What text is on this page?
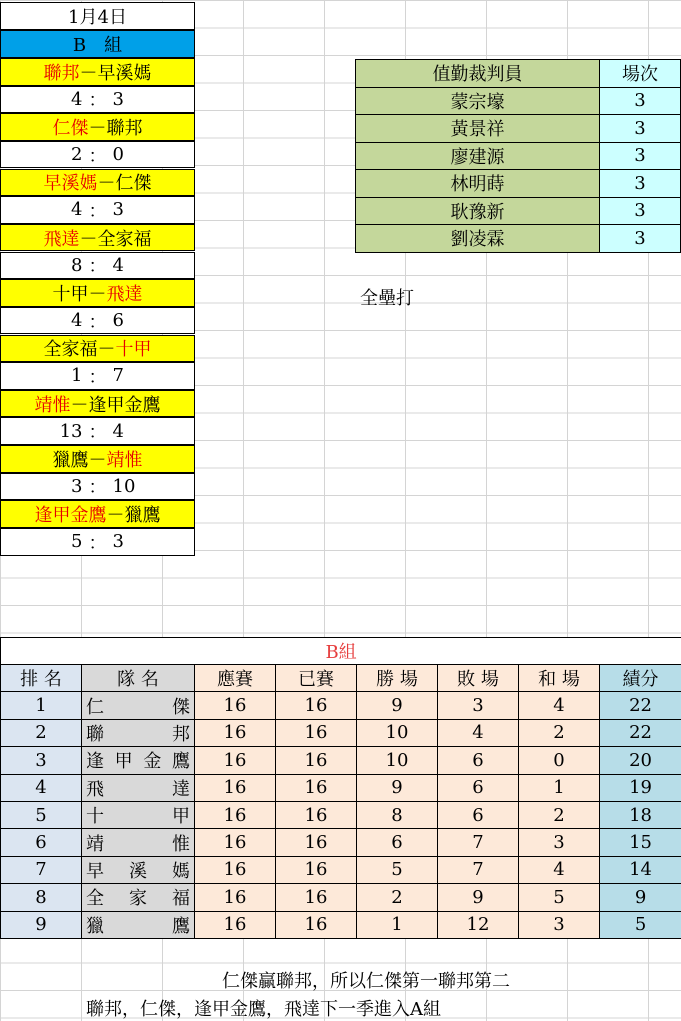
1月4日
B　組
聯邦 － 早溪媽
4 ： 3
仁傑 － 聯邦
2 ： 0
早溪媽 － 仁傑
4 ： 3
飛達 － 全家福
8 ： 4
十甲 － 飛達
4 ： 6
全家福 － 十甲
1 ： 7
靖惟 － 逢甲金鷹
13 ： 4
獵鷹 － 靖惟
3 ： 10
逢甲金鷹 － 獵鷹
5 ： 3
值勤裁判員	場次
蒙宗壕	3
黃景祥	3
廖建源	3
林明蒔	3
耿豫新	3
劉凌霖	3
全壘打
B組							
排 名	隊 名	應賽	已賽	勝 場	敗 場	和 場	績分
1	仁 傑	16	16	9	3	4	22
2	聯 邦	16	16	10	4	2	22
3	逢 甲 金 鷹	16	16	10	6	0	20
4	飛 達	16	16	9	6	1	19
5	十 甲	16	16	8	6	2	18
6	靖 惟	16	16	6	7	3	15
7	早 溪 媽	16	16	5	7	4	14
8	全 家 福	16	16	2	9	5	9
9	獵 鷹	16	16	1	12	3	5
仁傑贏聯邦，所以仁傑第一聯邦第二
聯邦，仁傑，逢甲金鷹，飛達下一季進入A組
